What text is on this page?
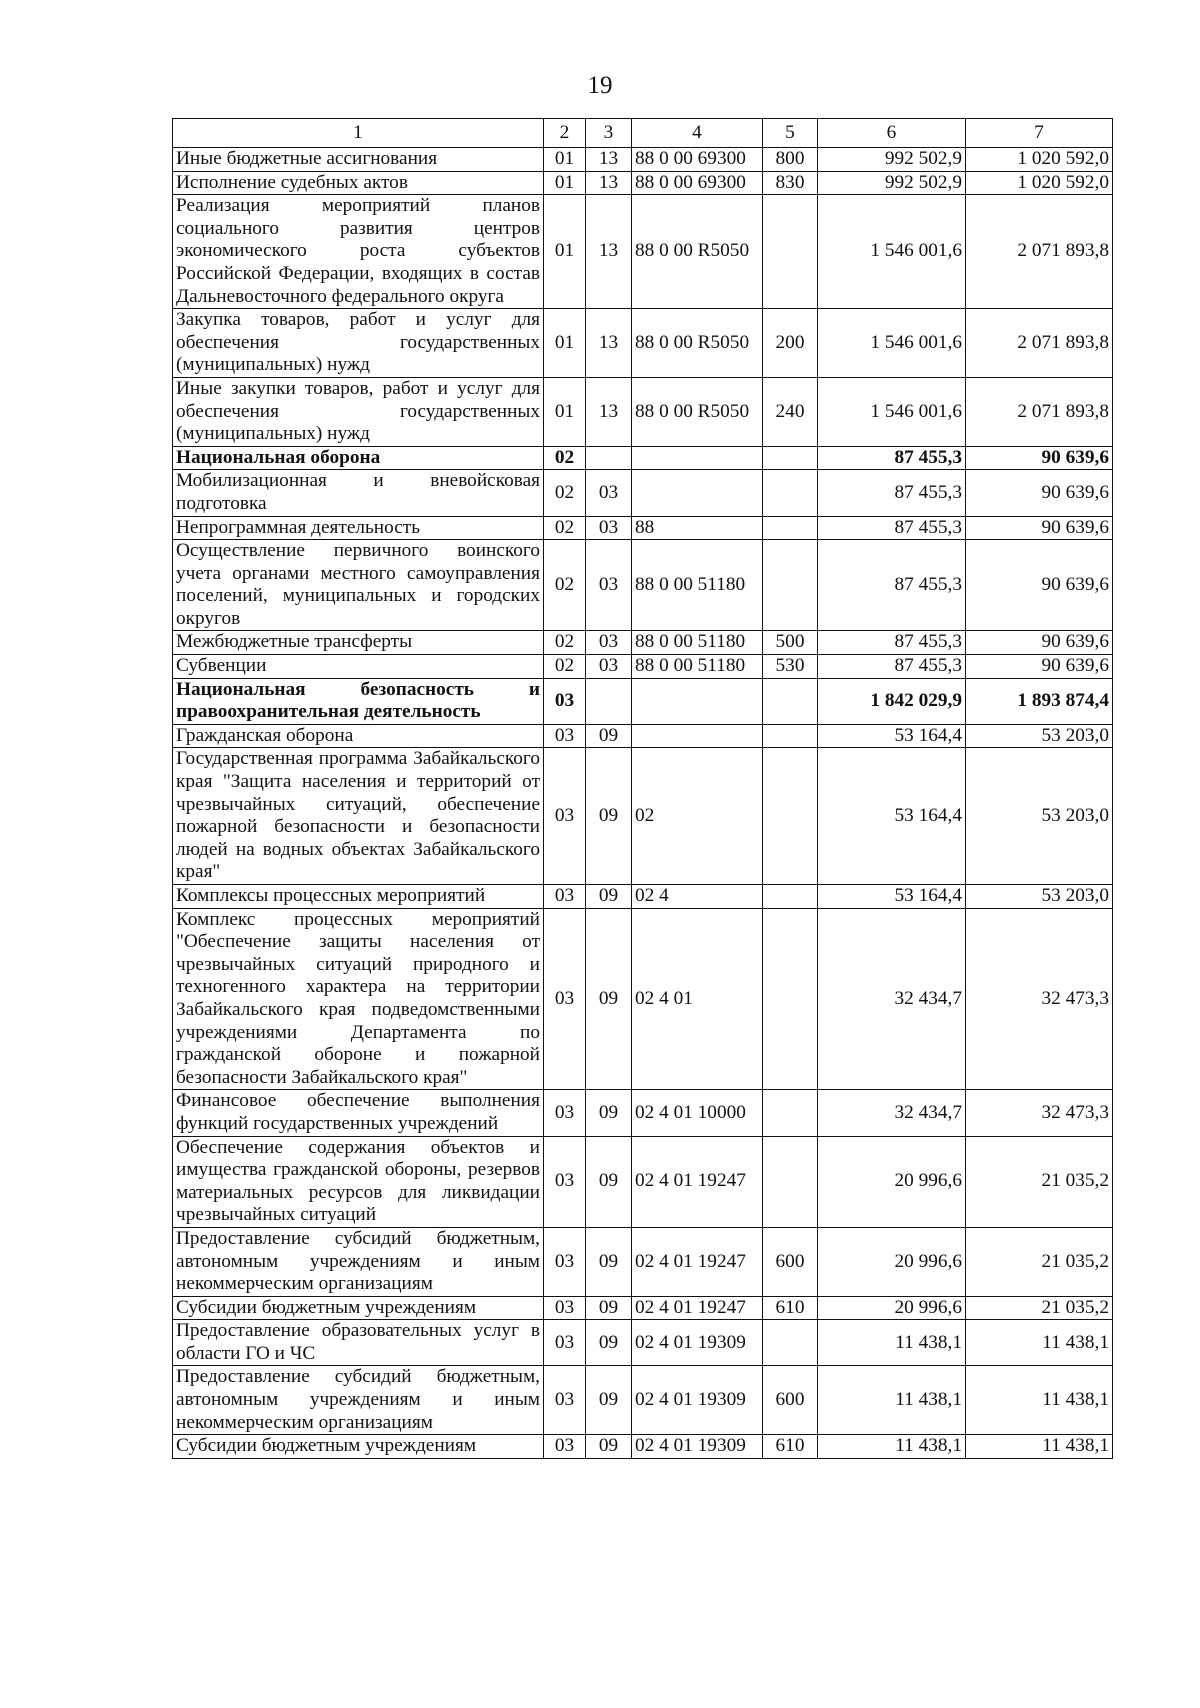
19
1	2	3	4	5	6	7
Иные бюджетные ассигнования	01	13	88 0 00 69300	800	992 502,9	1 020 592,0
Исполнение судебных актов	01	13	88 0 00 69300	830	992 502,9	1 020 592,0
Реализация мероприятий планов социального развития центров экономического роста субъектов Российской Федерации, входящих в состав Дальневосточного федерального округа	01	13	88 0 00 R5050		1 546 001,6	2 071 893,8
Закупка товаров, работ и услуг для обеспечения государственных (муниципальных) нужд	01	13	88 0 00 R5050	200	1 546 001,6	2 071 893,8
Иные закупки товаров, работ и услуг для обеспечения государственных (муниципальных) нужд	01	13	88 0 00 R5050	240	1 546 001,6	2 071 893,8
Национальная оборона	02				87 455,3	90 639,6
Мобилизационная и вневойсковая подготовка	02	03			87 455,3	90 639,6
Непрограммная деятельность	02	03	88		87 455,3	90 639,6
Осуществление первичного воинского учета органами местного самоуправления поселений, муниципальных и городских округов	02	03	88 0 00 51180		87 455,3	90 639,6
Межбюджетные трансферты	02	03	88 0 00 51180	500	87 455,3	90 639,6
Субвенции	02	03	88 0 00 51180	530	87 455,3	90 639,6
Национальная безопасность и правоохранительная деятельность	03				1 842 029,9	1 893 874,4
Гражданская оборона	03	09			53 164,4	53 203,0
Государственная программа Забайкальского края "Защита населения и территорий от чрезвычайных ситуаций, обеспечение пожарной безопасности и безопасности людей на водных объектах Забайкальского края"	03	09	02		53 164,4	53 203,0
Комплексы процессных мероприятий	03	09	02 4		53 164,4	53 203,0
Комплекс процессных мероприятий "Обеспечение защиты населения от чрезвычайных ситуаций природного и техногенного характера на территории Забайкальского края подведомственными учреждениями Департамента по гражданской обороне и пожарной безопасности Забайкальского края"	03	09	02 4 01		32 434,7	32 473,3
Финансовое обеспечение выполнения функций государственных учреждений	03	09	02 4 01 10000		32 434,7	32 473,3
Обеспечение содержания объектов и имущества гражданской обороны, резервов материальных ресурсов для ликвидации чрезвычайных ситуаций	03	09	02 4 01 19247		20 996,6	21 035,2
Предоставление субсидий бюджетным, автономным учреждениям и иным некоммерческим организациям	03	09	02 4 01 19247	600	20 996,6	21 035,2
Субсидии бюджетным учреждениям	03	09	02 4 01 19247	610	20 996,6	21 035,2
Предоставление образовательных услуг в области ГО и ЧС	03	09	02 4 01 19309		11 438,1	11 438,1
Предоставление субсидий бюджетным, автономным учреждениям и иным некоммерческим организациям	03	09	02 4 01 19309	600	11 438,1	11 438,1
Субсидии бюджетным учреждениям	03	09	02 4 01 19309	610	11 438,1	11 438,1
